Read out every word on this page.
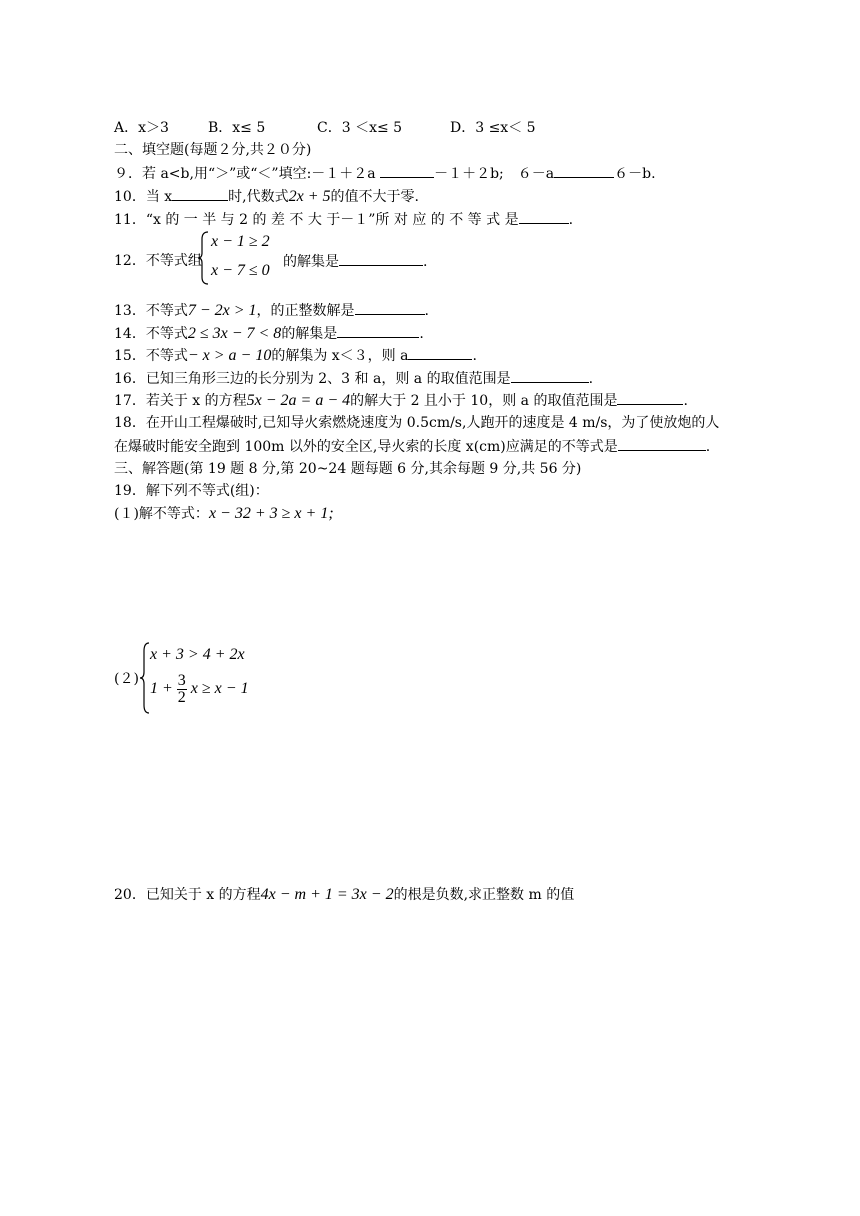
A．x＞3	B．x≤ 5	C．3 ＜x≤ 5	D．3 ≤x＜ 5
二、填空题(每题２分,共２０分)
９．若 a<b,用“＞”或“＜”填空:－１＋２a	－１＋２b;　６－a	６－b.
10．当 x	时,代数式2x + 5的值不大于零.
11．“x 的 一 半 与 2 的 差 不 大 于－１”所 对 应 的 不 等 式 是	.
12．不等式组
x − 1 ≥ 2
x − 7 ≤ 0 的解集是	.
13．不等式7 − 2x > 1，的正整数解是	.
14．不等式2 ≤ 3x − 7 < 8的解集是	.
15．不等式− x > a − 10的解集为 x＜３，则 a	.
16．已知三角形三边的长分别为 2、3 和 a，则 a 的取值范围是	.
17．若关于 x 的方程5x − 2a = a − 4的解大于 2 且小于 10，则 a 的取值范围是	.
18．在开山工程爆破时,已知导火索燃烧速度为 0.5cm/s,人跑开的速度是 4 m/s，为了使放炮的人
在爆破时能安全跑到 100m 以外的安全区,导火索的长度 x(cm)应满足的不等式是	.
三、解答题(第 19 题 8 分,第 20~24 题每题 6 分,其余每题 9 分,共 56 分)
19．解下列不等式(组)：
(１)解不等式：x − 32 + 3 ≥ x + 1;
(２)
x + 3 > 4 + 2x
$1 + \frac{3}{2}$ x ≥ x − 1
20．已知关于 x 的方程4x − m + 1 = 3x − 2的根是负数,求正整数 m 的值
